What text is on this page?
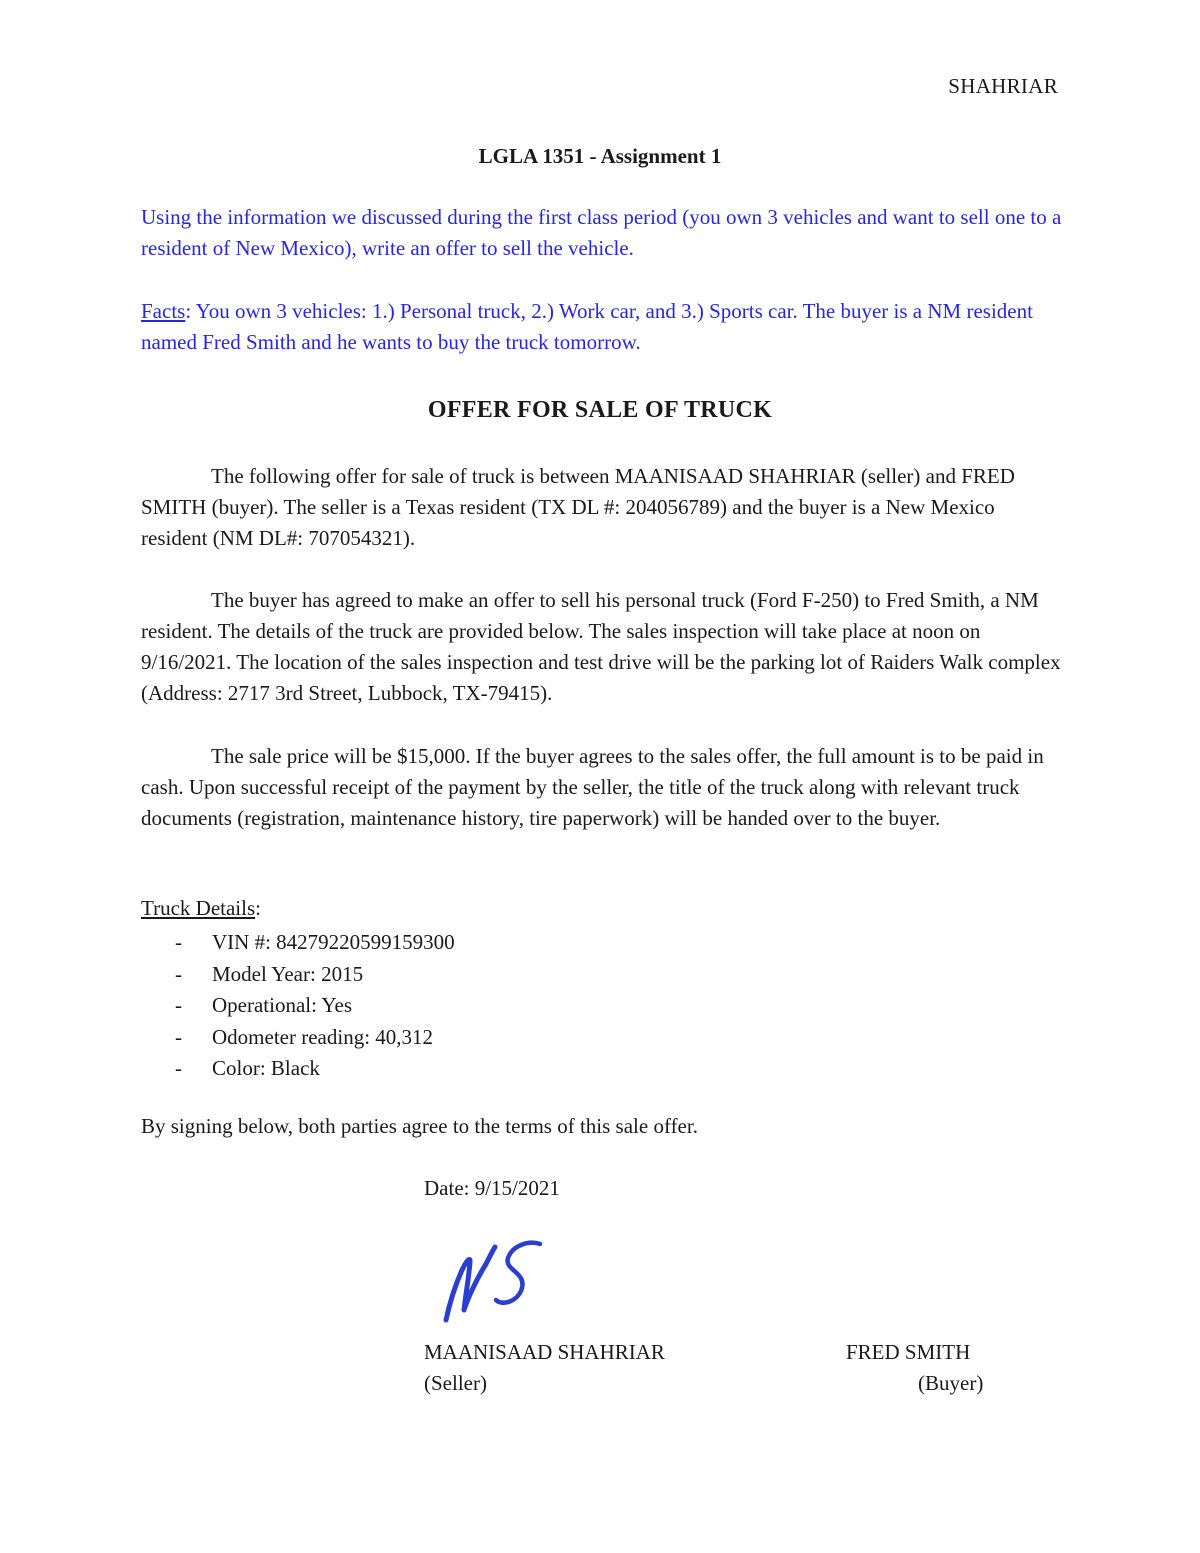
SHAHRIAR
LGLA 1351 - Assignment 1

Using the information we discussed during the first class period (you own 3 vehicles and want to sell one to a resident of New Mexico), write an offer to sell the vehicle.

Facts: You own 3 vehicles: 1.) Personal truck, 2.) Work car, and 3.) Sports car. The buyer is a NM resident named Fred Smith and he wants to buy the truck tomorrow.

OFFER FOR SALE OF TRUCK

The following offer for sale of truck is between MAANISAAD SHAHRIAR (seller) and FRED SMITH (buyer). The seller is a Texas resident (TX DL #: 204056789) and the buyer is a New Mexico resident (NM DL#: 707054321).

The buyer has agreed to make an offer to sell his personal truck (Ford F-250) to Fred Smith, a NM resident. The details of the truck are provided below. The sales inspection will take place at noon on 9/16/2021. The location of the sales inspection and test drive will be the parking lot of Raiders Walk complex (Address: 2717 3rd Street, Lubbock, TX-79415).

The sale price will be $15,000. If the buyer agrees to the sales offer, the full amount is to be paid in cash. Upon successful receipt of the payment by the seller, the title of the truck along with relevant truck documents (registration, maintenance history, tire paperwork) will be handed over to the buyer.

Truck Details:
- VIN #: 84279220599159300
- Model Year: 2015
- Operational: Yes
- Odometer reading: 40,312
- Color: Black
By signing below, both parties agree to the terms of this sale offer.
Date: 9/15/2021
MAANISAAD SHAHRIAR
(Seller)
FRED SMITH
(Buyer)
